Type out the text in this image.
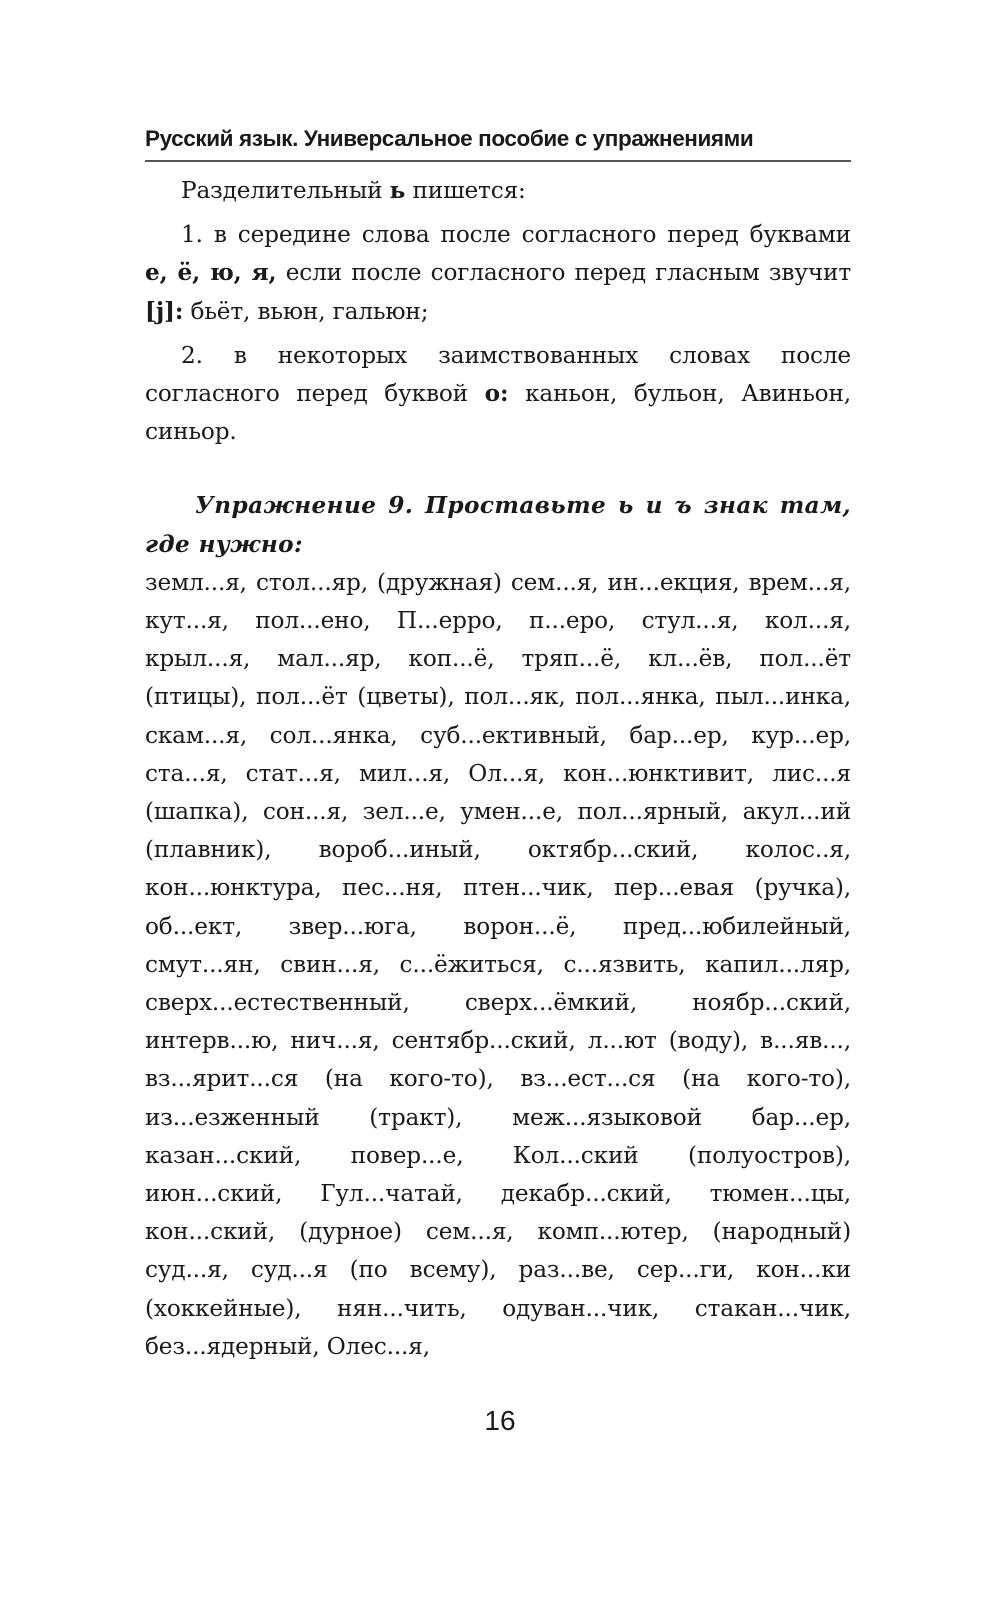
Русский язык. Универсальное пособие с упражнениями

Разделительный ь пишется:

1. в середине слова после согласного перед буквами е, ё, ю, я, если после согласного перед гласным звучит [j]: бьёт, вьюн, гальюн;

2. в некоторых заимствованных словах после согласного перед буквой о: каньон, бульон, Авиньон, синьор.

Упражнение 9. Проставьте ь и ъ знак там, где нужно:

земл...я, стол...яр, (дружная) сем...я, ин...екция, врем...я, кут...я, пол...ено, П...ерро, п...еро, стул...я, кол...я, крыл...я, мал...яр, коп...ё, тряп...ё, кл...ёв, пол...ёт (птицы), пол...ёт (цветы), пол...як, пол...янка, пыл...инка, скам...я, сол...янка, суб...ективный, бар...ер, кур...ер, ста...я, стат...я, мил...я, Ол...я, кон...юнктивит, лис...я (шапка), сон...я, зел...е, умен...е, пол...ярный, акул...ий (плавник), вороб...иный, октябр...ский, колос..я, кон...юнктура, пес...ня, птен...чик, пер...евая (ручка), об...ект, звер...юга, ворон...ё, пред...юбилейный, смут...ян, свин...я, с...ёжиться, с...язвить, капил...ляр, сверх...естественный, сверх...ёмкий, ноябр...ский, интерв...ю, нич...я, сентябр...ский, л...ют (воду), в...яв..., вз...ярит...ся (на кого-то), вз...ест...ся (на кого-то), из...езженный (тракт), меж...языковой бар...ер, казан...ский, повер...е, Кол...ский (полуостров), июн...ский, Гул...чатай, декабр...ский, тюмен...цы, кон...ский, (дурное) сем...я, комп...ютер, (народный) суд...я, суд...я (по всему), раз...ве, сер...ги, кон...ки (хоккейные), нян...чить, одуван...чик, стакан...чик, без...ядерный, Олес...я,

16
